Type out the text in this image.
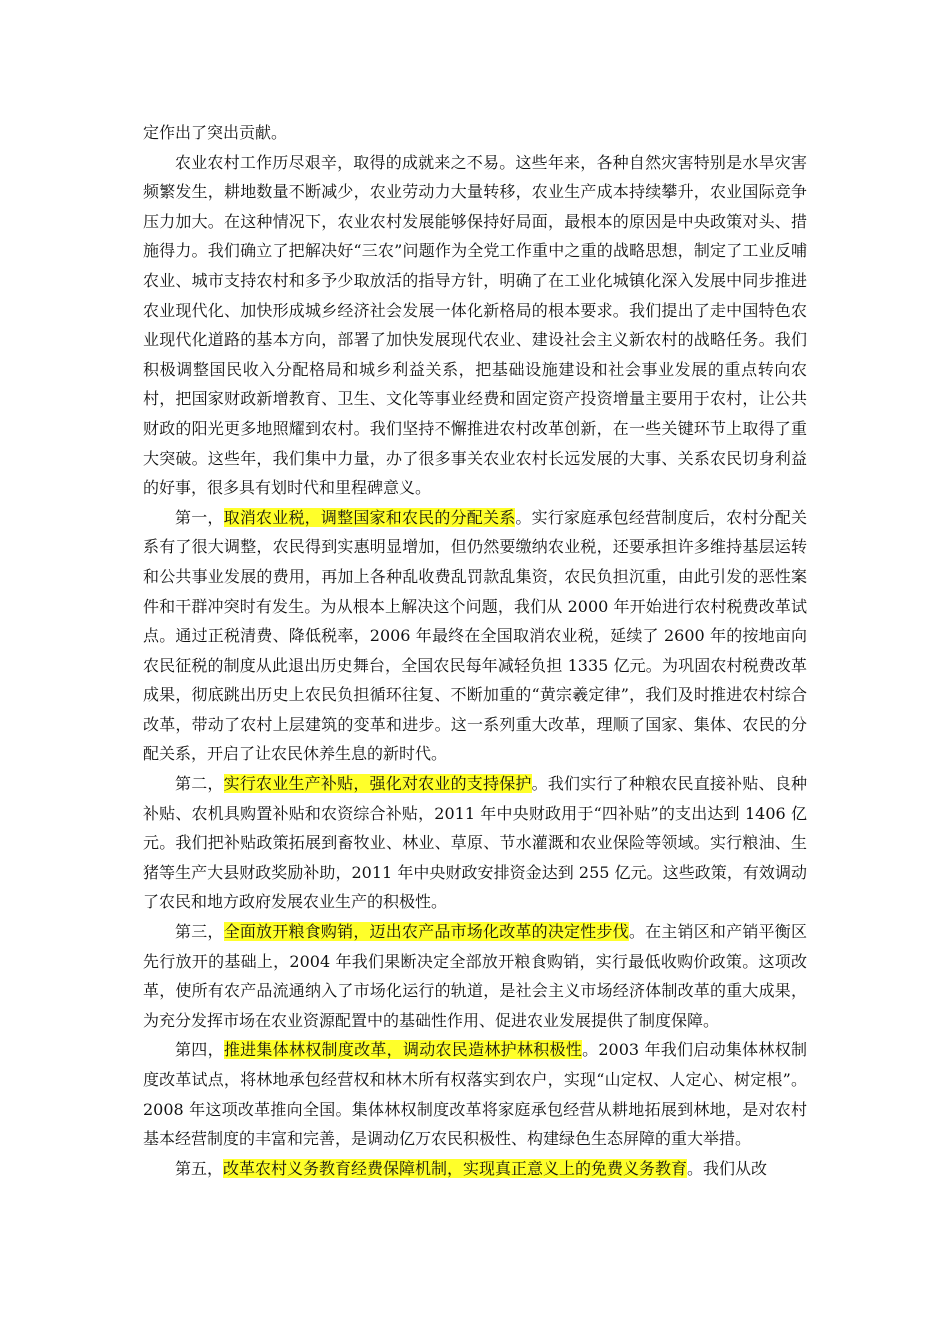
定作出了突出贡献。

农业农村工作历尽艰辛，取得的成就来之不易。这些年来，各种自然灾害特别是水旱灾害频繁发生，耕地数量不断减少，农业劳动力大量转移，农业生产成本持续攀升，农业国际竞争压力加大。在这种情况下，农业农村发展能够保持好局面，最根本的原因是中央政策对头、措施得力。我们确立了把解决好“三农”问题作为全党工作重中之重的战略思想，制定了工业反哺农业、城市支持农村和多予少取放活的指导方针，明确了在工业化城镇化深入发展中同步推进农业现代化、加快形成城乡经济社会发展一体化新格局的根本要求。我们提出了走中国特色农业现代化道路的基本方向，部署了加快发展现代农业、建设社会主义新农村的战略任务。我们积极调整国民收入分配格局和城乡利益关系，把基础设施建设和社会事业发展的重点转向农村，把国家财政新增教育、卫生、文化等事业经费和固定资产投资增量主要用于农村，让公共财政的阳光更多地照耀到农村。我们坚持不懈推进农村改革创新，在一些关键环节上取得了重大突破。这些年，我们集中力量，办了很多事关农业农村长远发展的大事、关系农民切身利益的好事，很多具有划时代和里程碑意义。

第一，取消农业税，调整国家和农民的分配关系。实行家庭承包经营制度后，农村分配关系有了很大调整，农民得到实惠明显增加，但仍然要缴纳农业税，还要承担许多维持基层运转和公共事业发展的费用，再加上各种乱收费乱罚款乱集资，农民负担沉重，由此引发的恶性案件和干群冲突时有发生。为从根本上解决这个问题，我们从 2000 年开始进行农村税费改革试点。通过正税清费、降低税率，2006 年最终在全国取消农业税，延续了 2600 年的按地亩向农民征税的制度从此退出历史舞台，全国农民每年减轻负担 1335 亿元。为巩固农村税费改革成果，彻底跳出历史上农民负担循环往复、不断加重的“黄宗羲定律”，我们及时推进农村综合改革，带动了农村上层建筑的变革和进步。这一系列重大改革，理顺了国家、集体、农民的分配关系，开启了让农民休养生息的新时代。

第二，实行农业生产补贴，强化对农业的支持保护。我们实行了种粮农民直接补贴、良种补贴、农机具购置补贴和农资综合补贴，2011 年中央财政用于“四补贴”的支出达到 1406 亿元。我们把补贴政策拓展到畜牧业、林业、草原、节水灌溉和农业保险等领域。实行粮油、生猪等生产大县财政奖励补助，2011 年中央财政安排资金达到 255 亿元。这些政策，有效调动了农民和地方政府发展农业生产的积极性。

第三，全面放开粮食购销，迈出农产品市场化改革的决定性步伐。在主销区和产销平衡区先行放开的基础上，2004 年我们果断决定全部放开粮食购销，实行最低收购价政策。这项改革，使所有农产品流通纳入了市场化运行的轨道，是社会主义市场经济体制改革的重大成果，为充分发挥市场在农业资源配置中的基础性作用、促进农业发展提供了制度保障。

第四，推进集体林权制度改革，调动农民造林护林积极性。2003 年我们启动集体林权制度改革试点，将林地承包经营权和林木所有权落实到农户，实现“山定权、人定心、树定根”。2008 年这项改革推向全国。集体林权制度改革将家庭承包经营从耕地拓展到林地，是对农村基本经营制度的丰富和完善，是调动亿万农民积极性、构建绿色生态屏障的重大举措。

第五，改革农村义务教育经费保障机制，实现真正意义上的免费义务教育。我们从改
